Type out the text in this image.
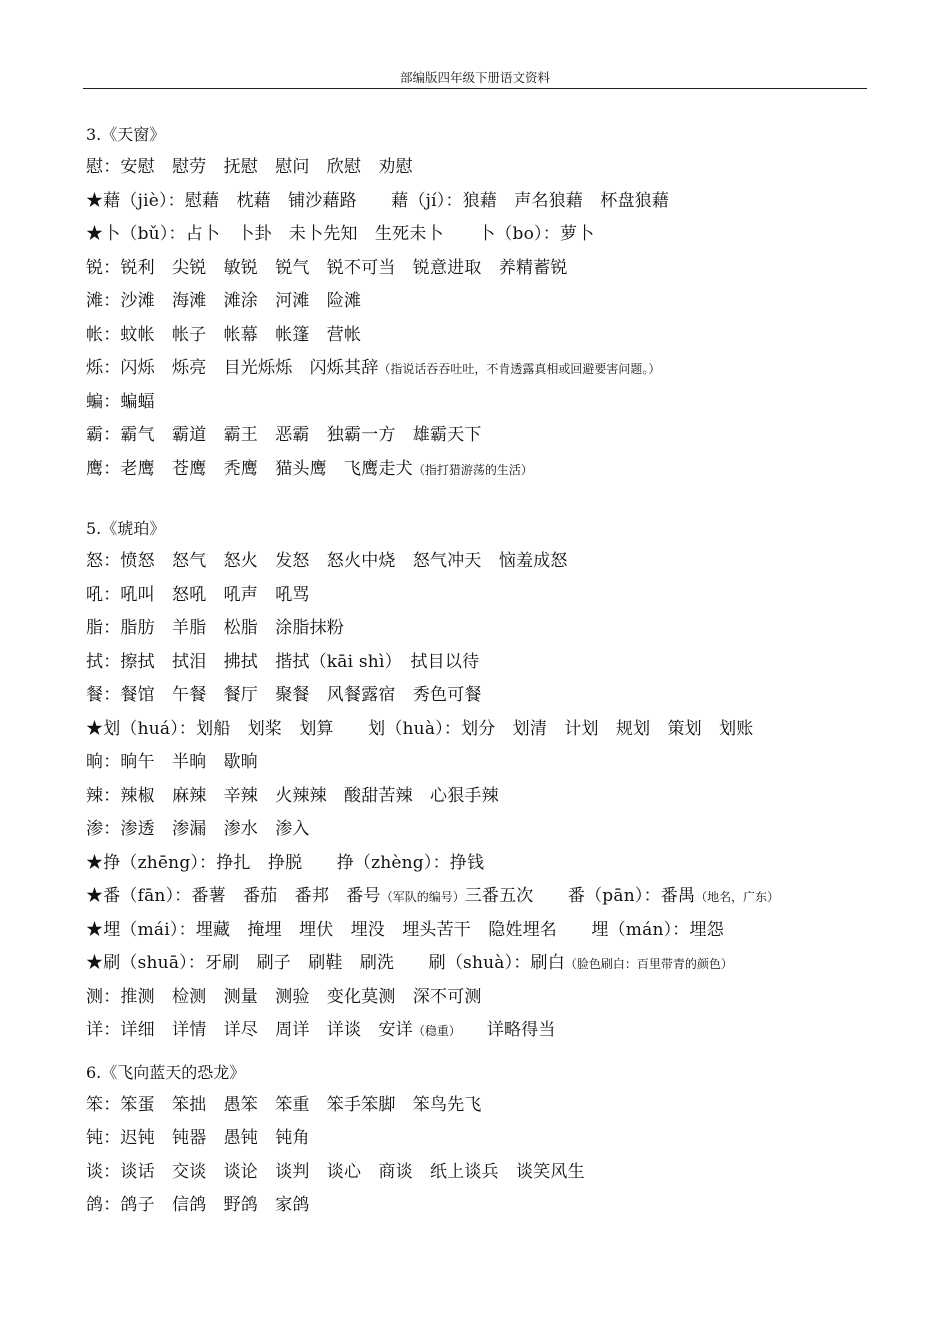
部编版四年级下册语文资料
3.《天窗》
慰：安慰　慰劳　抚慰　慰问　欣慰　劝慰
★藉（jiè）：慰藉　枕藉　铺沙藉路　　藉（jí）：狼藉　声名狼藉　杯盘狼藉
★卜（bǔ）：占卜　卜卦　未卜先知　生死未卜　　卜（bo）：萝卜
锐：锐利　尖锐　敏锐　锐气　锐不可当　锐意进取　养精蓄锐
滩：沙滩　海滩　滩涂　河滩　险滩
帐：蚊帐　帐子　帐幕　帐篷　营帐
烁：闪烁　烁亮　目光烁烁　闪烁其辞（指说话吞吞吐吐，不肯透露真相或回避要害问题。）
蝙：蝙蝠
霸：霸气　霸道　霸王　恶霸　独霸一方　雄霸天下
鹰：老鹰　苍鹰　秃鹰　猫头鹰　飞鹰走犬（指打猎游荡的生活）
5.《琥珀》
怒：愤怒　怒气　怒火　发怒　怒火中烧　怒气冲天　恼羞成怒
吼：吼叫　怒吼　吼声　吼骂
脂：脂肪　羊脂　松脂　涂脂抹粉
拭：擦拭　拭泪　拂拭　揩拭（kāi shì）　拭目以待
餐：餐馆　午餐　餐厅　聚餐　风餐露宿　秀色可餐
★划（huá）：划船　划桨　划算　　划（huà）：划分　划清　计划　规划　策划　划账
晌：晌午　半晌　歇晌
辣：辣椒　麻辣　辛辣　火辣辣　酸甜苦辣　心狠手辣
渗：渗透　渗漏　渗水　渗入
★挣（zhēng）：挣扎　挣脱　　挣（zhèng）：挣钱
★番（fān）：番薯　番茄　番邦　番号（军队的编号）三番五次　　番（pān）：番禺（地名，广东）
★埋（mái）：埋藏　掩埋　埋伏　埋没　埋头苦干　隐姓埋名　　埋（mán）：埋怨
★刷（shuā）：牙刷　刷子　刷鞋　刷洗　　刷（shuà）：刷白（脸色刷白：百里带青的颜色）
测：推测　检测　测量　测验　变化莫测　深不可测
详：详细　详情　详尽　周详　详谈　安详（稳重） 详略得当
6.《飞向蓝天的恐龙》
笨：笨蛋　笨拙　愚笨　笨重　笨手笨脚　笨鸟先飞
钝：迟钝　钝器　愚钝　钝角
谈：谈话　交谈　谈论　谈判　谈心　商谈　纸上谈兵　谈笑风生
鸽：鸽子　信鸽　野鸽　家鸽
